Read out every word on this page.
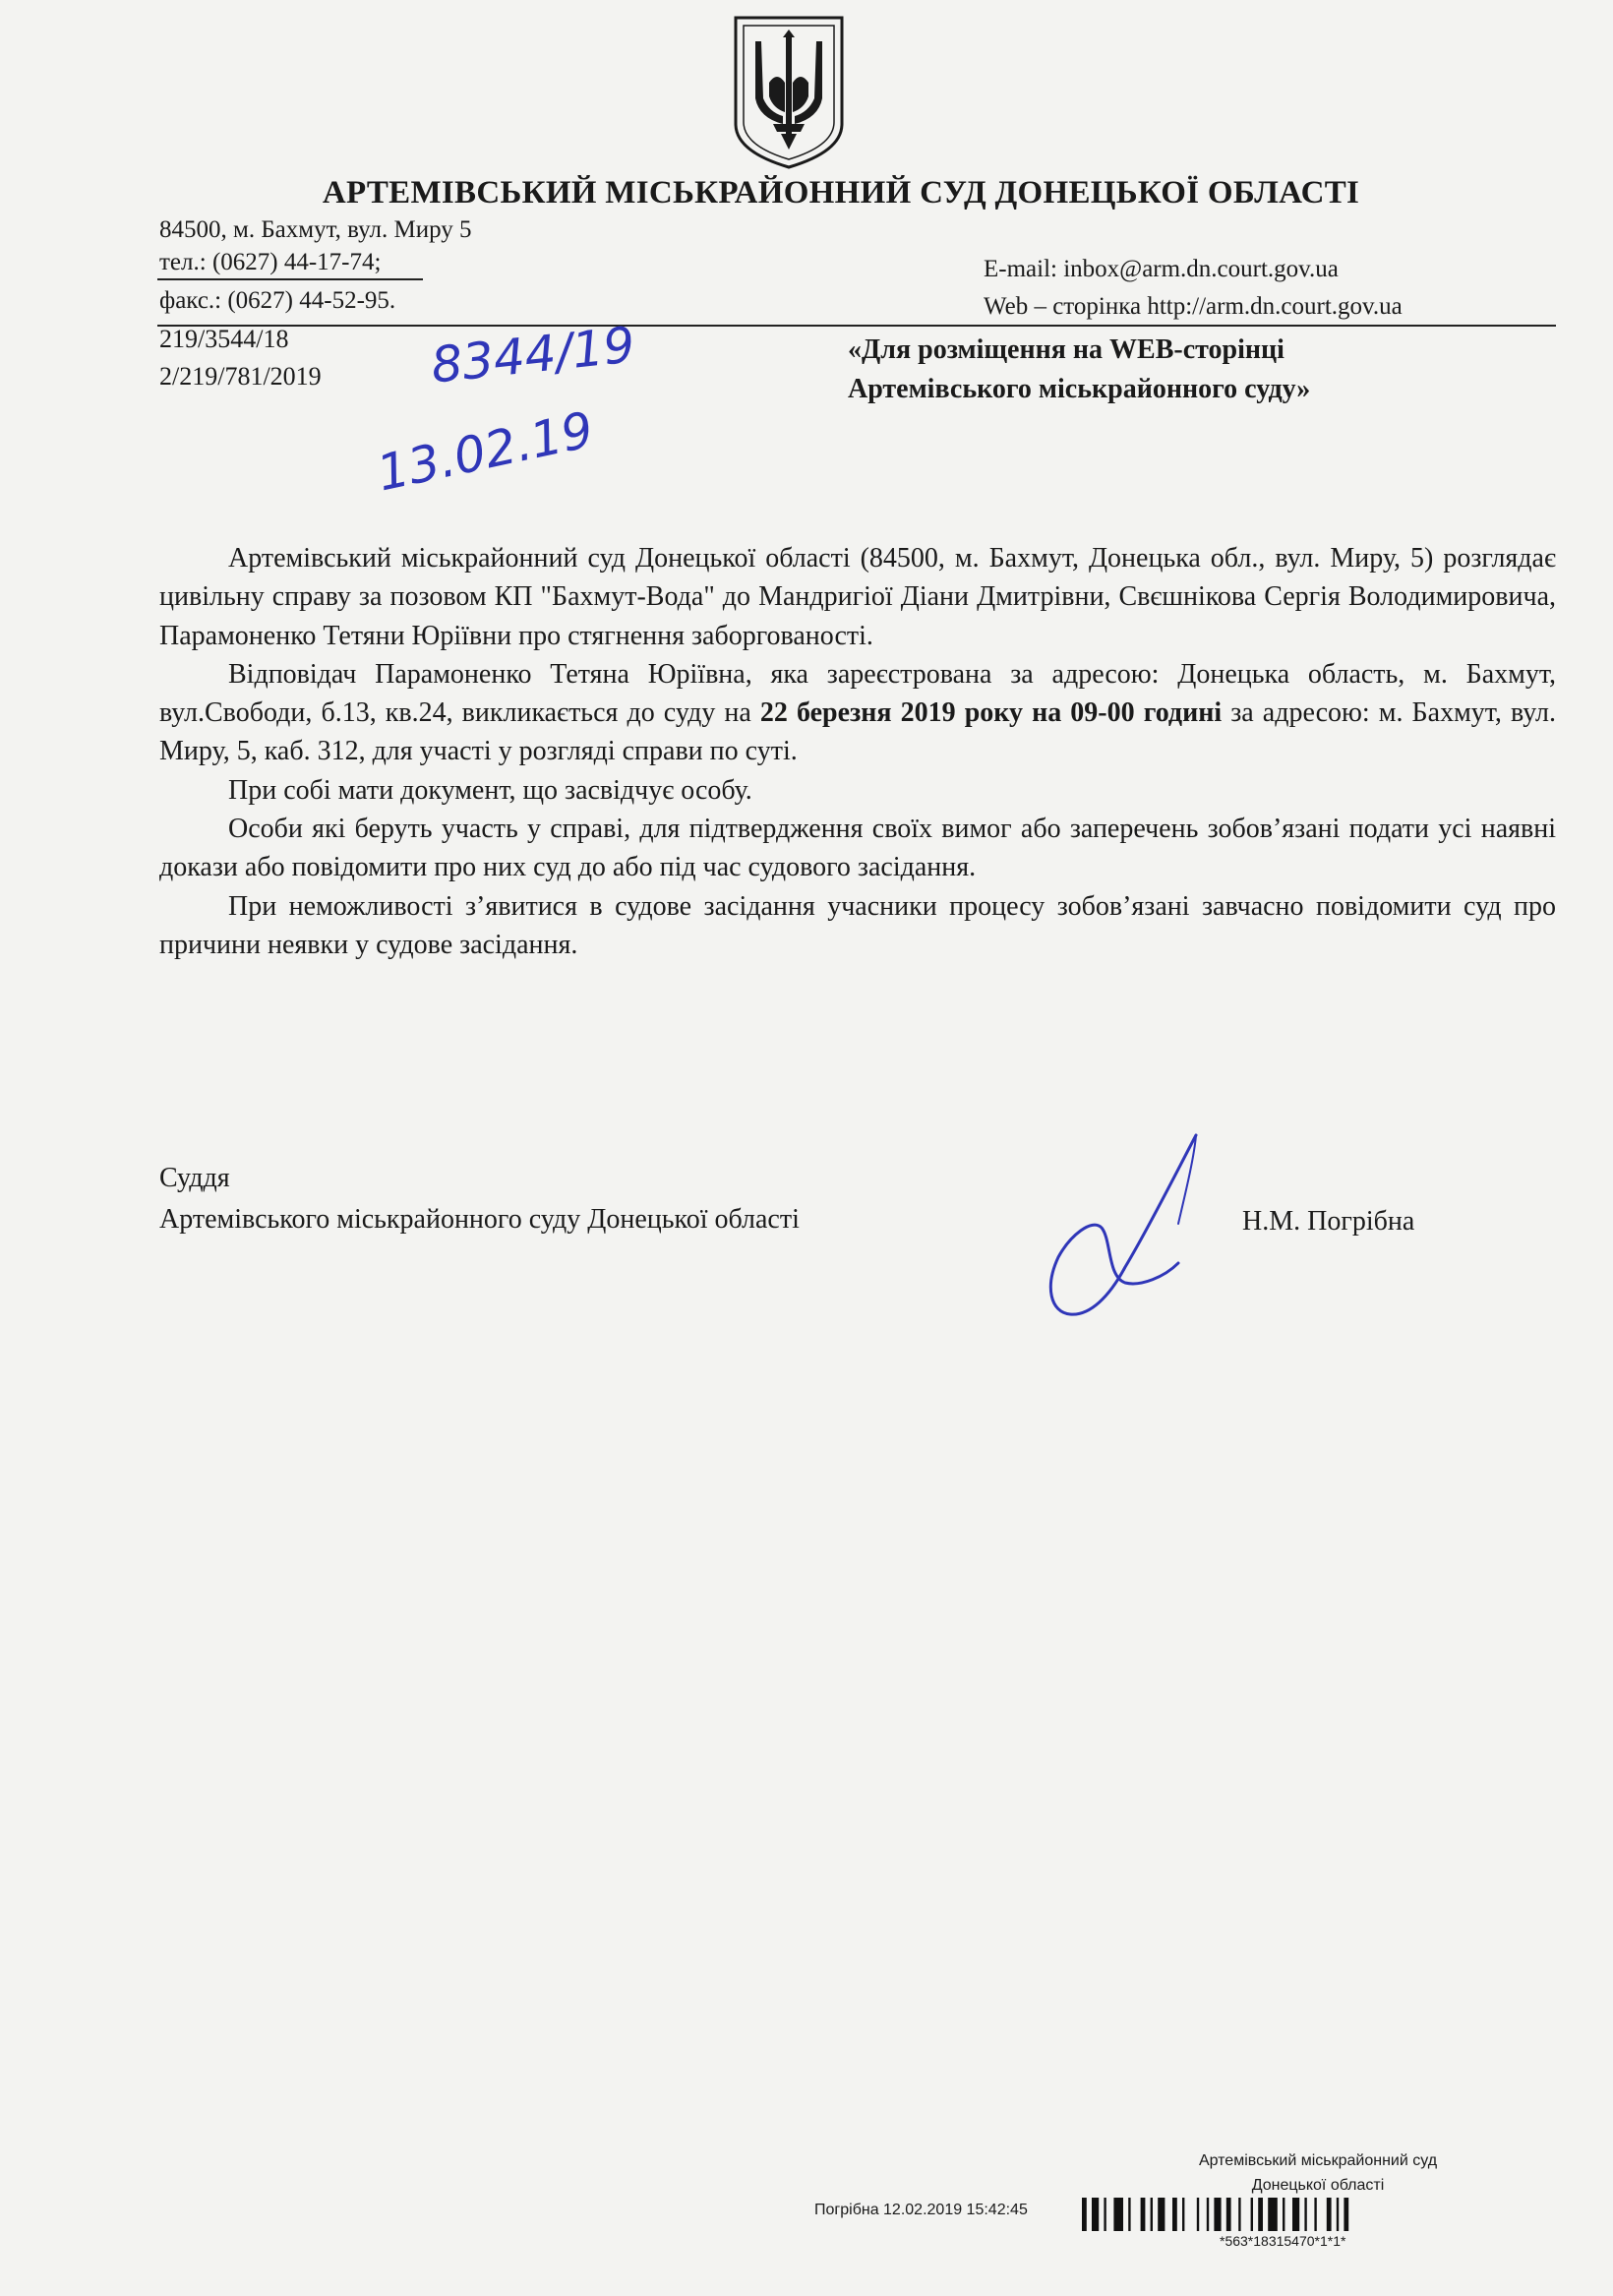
АРТЕМІВСЬКИЙ МІСЬКРАЙОННИЙ СУД ДОНЕЦЬКОЇ ОБЛАСТІ
84500, м. Бахмут, вул. Миру 5
тел.: (0627) 44-17-74;
факс.: (0627) 44-52-95.
E-mail: inbox@arm.dn.court.gov.ua
Web – сторінка http://arm.dn.court.gov.ua
219/3544/18
2/219/781/2019 8344/19
13.02.19
«Для розміщення на WEB-сторінці
Артемівського міськрайонного суду»

Артемівський міськрайонний суд Донецької області (84500, м. Бахмут, Донецька обл., вул. Миру, 5) розглядає цивільну справу за позовом КП "Бахмут-Вода" до Мандригіої Діани Дмитрівни, Свєшнікова Сергія Володимировича, Парамоненко Тетяни Юріївни про стягнення заборгованості.

Відповідач Парамоненко Тетяна Юріївна, яка зареєстрована за адресою: Донецька область, м. Бахмут, вул.Свободи, б.13, кв.24, викликається до суду на 22 березня 2019 року на 09-00 годині за адресою: м. Бахмут, вул. Миру, 5, каб. 312, для участі у розгляді справи по суті.

При собі мати документ, що засвідчує особу.

Особи які беруть участь у справі, для підтвердження своїх вимог або заперечень зобов’язані подати усі наявні докази або повідомити про них суд до або під час судового засідання.

При неможливості з’явитися в судове засідання учасники процесу зобов’язані завчасно повідомити суд про причини неявки у судове засідання.

Суддя
Артемівського міськрайонного суду Донецької області	Н.М. Погрібна
Артемівський міськрайонний суд
Донецької області
Погрібна 12.02.2019 15:42:45
*563*18315470*1*1*
